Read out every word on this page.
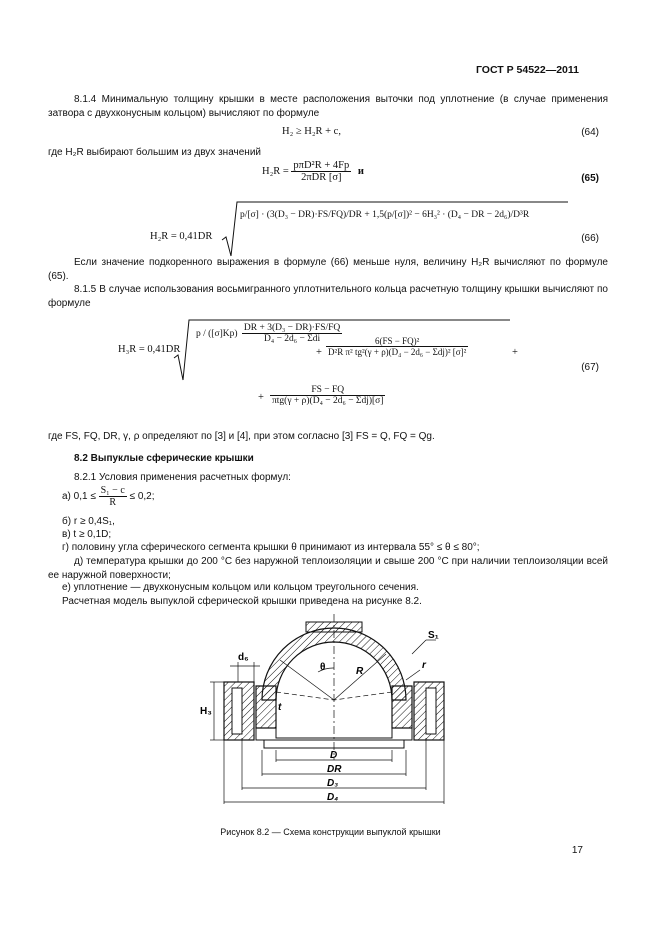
ГОСТ Р 54522—2011
8.1.4 Минимальную толщину крышки в месте расположения выточки под уплотнение (в случае применения затвора с двухконусным кольцом) вычисляют по формуле
H₂ ≥ H₂R + c,	(64)
где H₂R выбирают большим из двух значений
$H_2R = \frac{\text{pπD²R + 4Fp}}{\text{2πDR [σ]}}$ и
(65)
H₂R = 0,41DR
p/[σ] · (3(D₃ − DR)·FS/FQ)/DR + 1,5(p/[σ])² − 6H₃² · (D₄ − DR − 2d₆)/D³R
(66)
Если значение подкоренного выражения в формуле (66) меньше нуля, величину H₂R вычисляют по формуле (65).
8.1.5 В случае использования восьмигранного уплотнительного кольца расчетную толщину крышки вычисляют по формуле
H₃R = 0,41DR
p / ([σ]Kp)
$\frac{\text{DR + 3(D₃ − DR)·FS/FQ}}{\text{D₄ − 2d₆ − Σdi}}$
+ $\frac{\text{6(FS − FQ)²}}{\text{D²R π² tg²(γ + ρ)(D₄ − 2d₆ − Σdj)² [σ]²}}$	+
(67)
+ $\frac{FS - FQ}{\text{πtg(γ + ρ)(D₄ − 2d₆ − Σdj)[σ]}}$
где FS, FQ, DR, γ, ρ определяют по [3] и [4], при этом согласно [3] FS = Q, FQ = Qg.
8.2 Выпуклые сферические крышки
8.2.1 Условия применения расчетных формул:
а) $0,1 \le \frac{\text{S₁ − c}}{R} \le 0,2$;
б) r ≥ 0,4S₁,
в) t ≥ 0,1D;
г) половину угла сферического сегмента крышки θ принимают из интервала 55° ≤ θ ≤ 80°;
д) температура крышки до 200 °С без наружной теплоизоляции и свыше 200 °С при наличии теплоизоляции всей ее наружной поверхности;
е) уплотнение — двухконусным кольцом или кольцом треугольного сечения.
Расчетная модель выпуклой сферической крышки приведена на рисунке 8.2.
d₆
S₁
r
θ	R
t
H₃
D
DR
D₃
D₄
Рисунок 8.2 — Схема конструкции выпуклой крышки
17
